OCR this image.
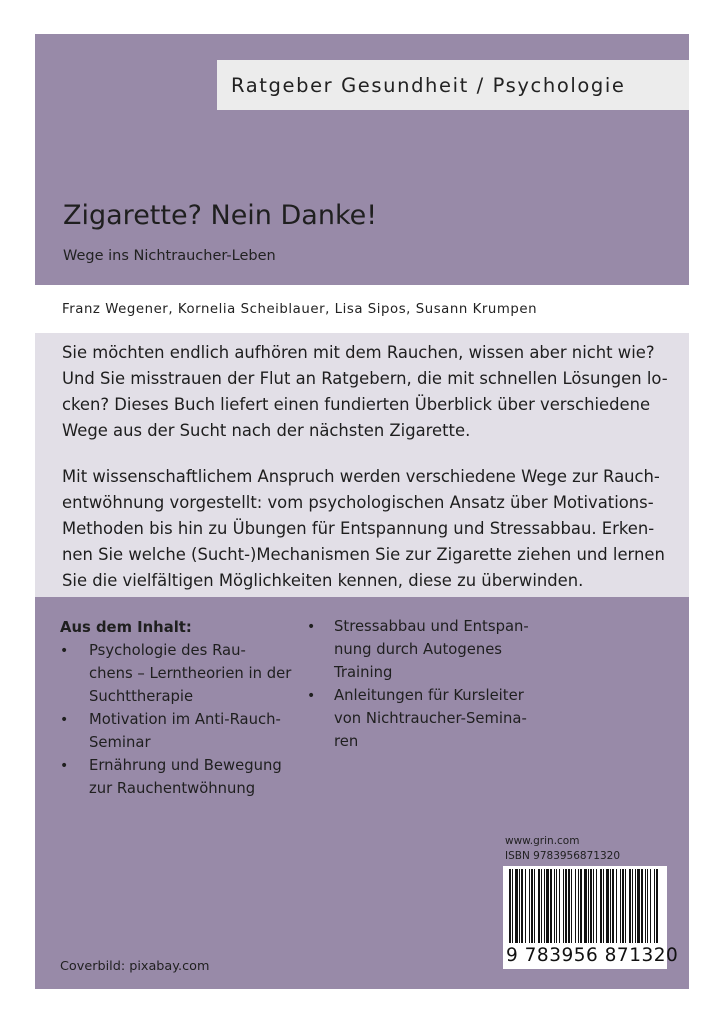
Ratgeber Gesundheit / Psychologie
Zigarette? Nein Danke!
Wege ins Nichtraucher-Leben
Franz Wegener, Kornelia Scheiblauer, Lisa Sipos, Susann Krumpen
Sie möchten endlich aufhören mit dem Rauchen, wissen aber nicht wie?
Und Sie misstrauen der Flut an Ratgebern, die mit schnellen Lösungen lo-
cken? Dieses Buch liefert einen fundierten Überblick über verschiedene
Wege aus der Sucht nach der nächsten Zigarette.
Mit wissenschaftlichem Anspruch werden verschiedene Wege zur Rauch-
entwöhnung vorgestellt: vom psychologischen Ansatz über Motivations-
Methoden bis hin zu Übungen für Entspannung und Stressabbau. Erken-
nen Sie welche (Sucht-)Mechanismen Sie zur Zigarette ziehen und lernen
Sie die vielfältigen Möglichkeiten kennen, diese zu überwinden.
Aus dem Inhalt:
• Psychologie des Rau-
chens – Lerntheorien in der
Suchttherapie
• Motivation im Anti-Rauch-
Seminar
• Ernährung und Bewegung
zur Rauchentwöhnung
• Stressabbau und Entspan-
nung durch Autogenes
Training
• Anleitungen für Kursleiter
von Nichtraucher-Semina-
ren
www.grin.com
ISBN 9783956871320
9 783956 871320
Coverbild: pixabay.com
